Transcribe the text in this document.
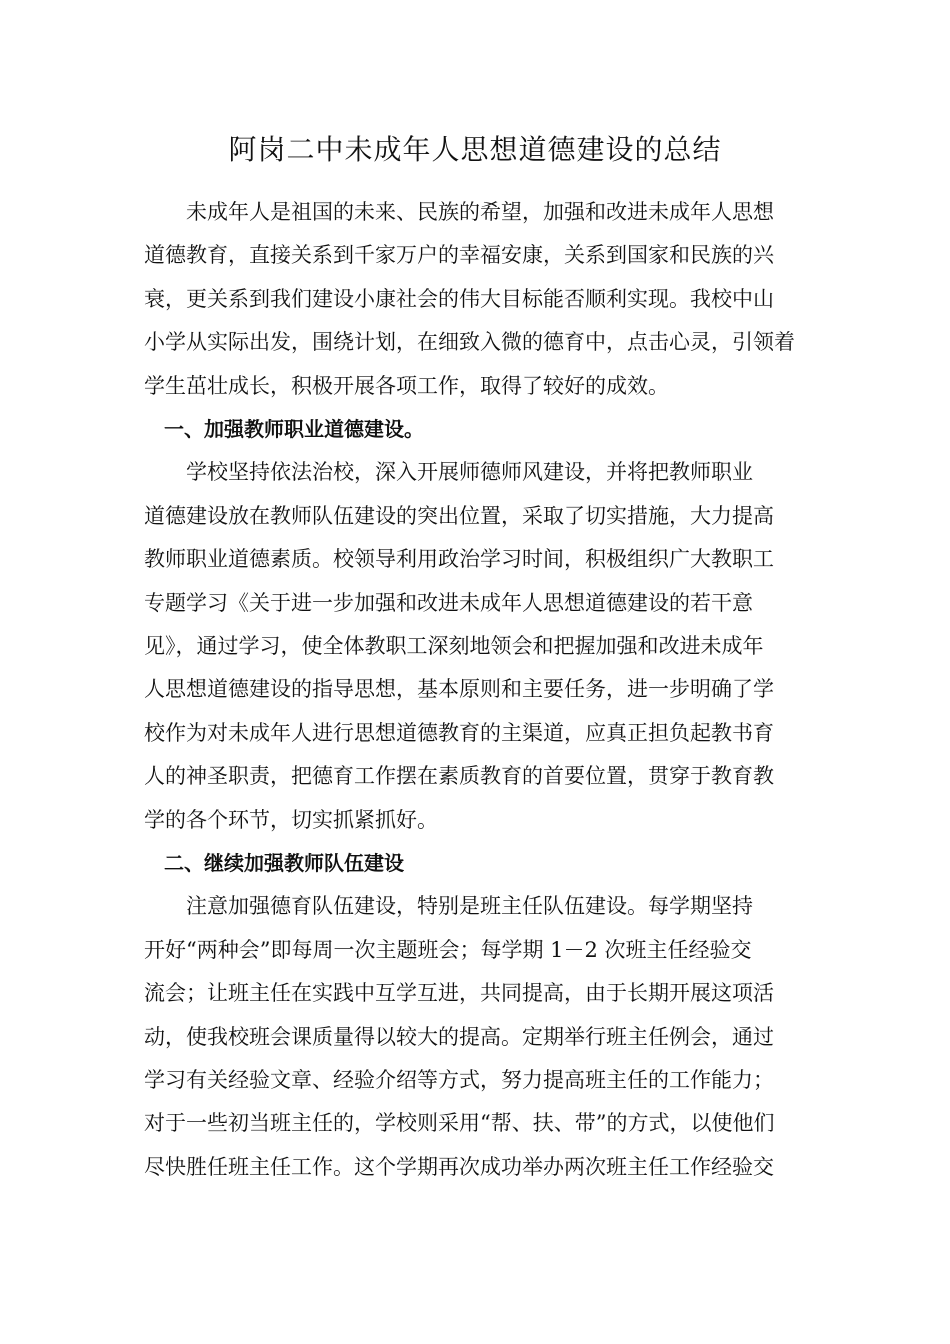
阿岗二中未成年人思想道德建设的总结
　　未成年人是祖国的未来、民族的希望，加强和改进未成年人思想
道德教育，直接关系到千家万户的幸福安康，关系到国家和民族的兴
衰，更关系到我们建设小康社会的伟大目标能否顺利实现。我校中山
小学从实际出发，围绕计划，在细致入微的德育中，点击心灵，引领着
学生茁壮成长，积极开展各项工作，取得了较好的成效。
　一、加强教师职业道德建设。
　　学校坚持依法治校，深入开展师德师风建设，并将把教师职业
道德建设放在教师队伍建设的突出位置，采取了切实措施，大力提高
教师职业道德素质。校领导利用政治学习时间，积极组织广大教职工
专题学习《关于进一步加强和改进未成年人思想道德建设的若干意
见》，通过学习，使全体教职工深刻地领会和把握加强和改进未成年
人思想道德建设的指导思想，基本原则和主要任务，进一步明确了学
校作为对未成年人进行思想道德教育的主渠道，应真正担负起教书育
人的神圣职责，把德育工作摆在素质教育的首要位置，贯穿于教育教
学的各个环节，切实抓紧抓好。
　二、继续加强教师队伍建设
　　注意加强德育队伍建设，特别是班主任队伍建设。每学期坚持
开好“两种会”即每周一次主题班会；每学期 1－2 次班主任经验交
流会；让班主任在实践中互学互进，共同提高，由于长期开展这项活
动，使我校班会课质量得以较大的提高。定期举行班主任例会，通过
学习有关经验文章、经验介绍等方式，努力提高班主任的工作能力；
对于一些初当班主任的，学校则采用“帮、扶、带”的方式，以使他们
尽快胜任班主任工作。这个学期再次成功举办两次班主任工作经验交
